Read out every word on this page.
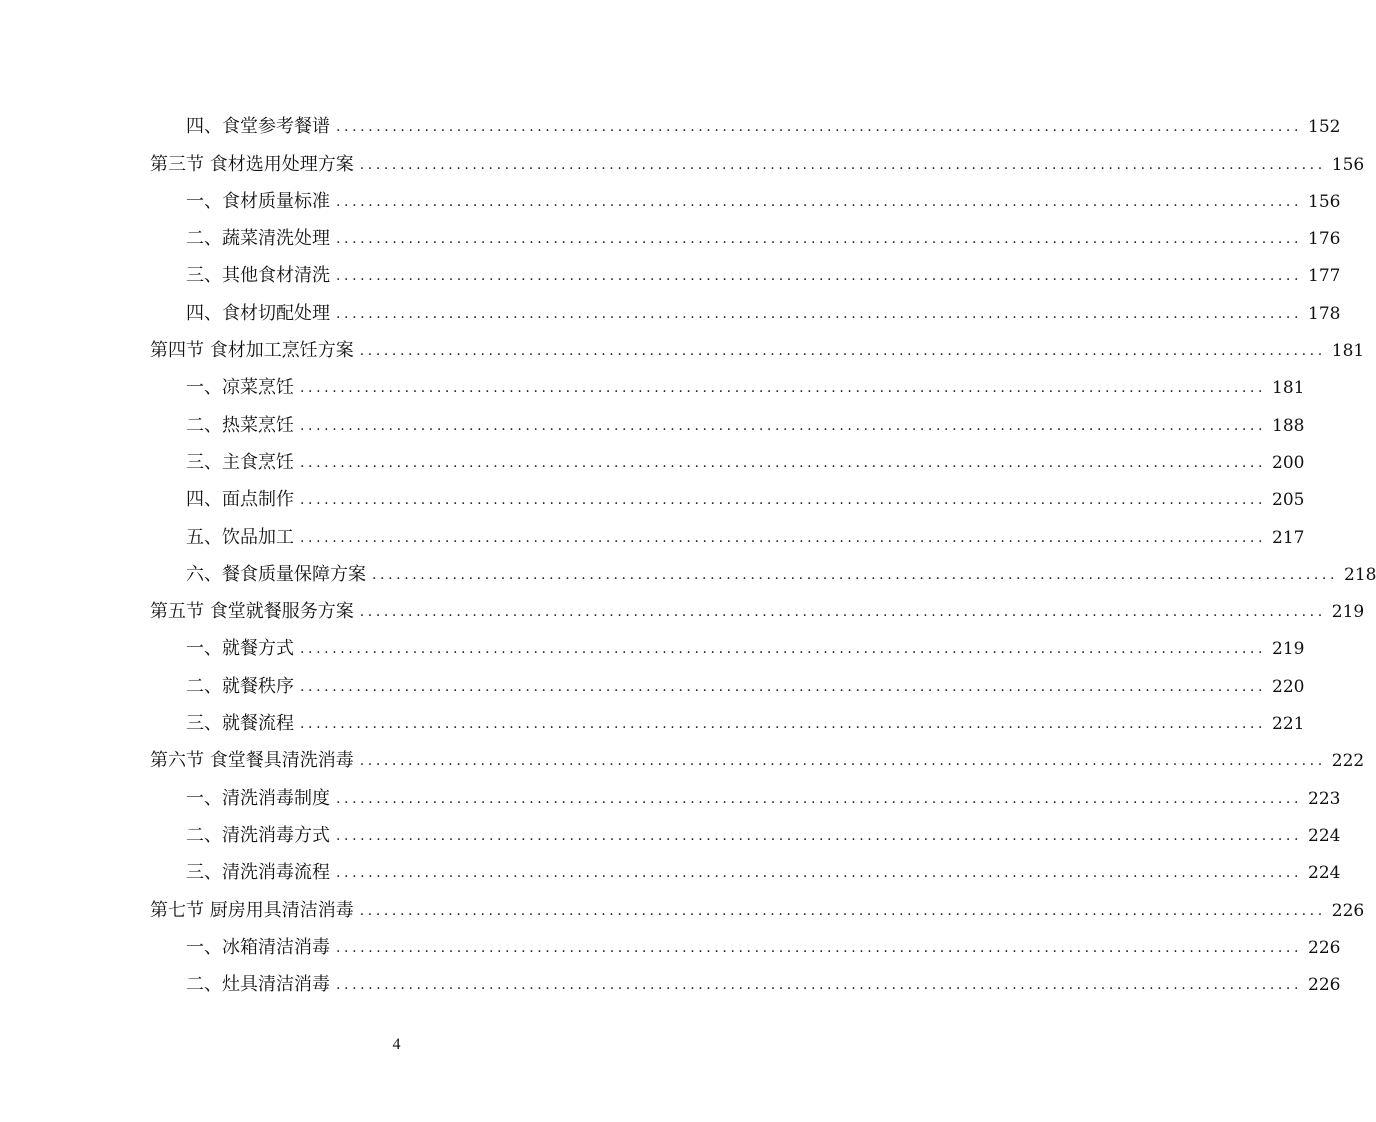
四、食堂参考餐谱 ........................................................................................................................ 152
第三节 食材选用处理方案 ........................................................................................................................ 156
一、食材质量标准 ........................................................................................................................ 156
二、蔬菜清洗处理 ........................................................................................................................ 176
三、其他食材清洗 ........................................................................................................................ 177
四、食材切配处理 ........................................................................................................................ 178
第四节 食材加工烹饪方案 ........................................................................................................................ 181
一、凉菜烹饪 ........................................................................................................................ 181
二、热菜烹饪 ........................................................................................................................ 188
三、主食烹饪 ........................................................................................................................ 200
四、面点制作 ........................................................................................................................ 205
五、饮品加工 ........................................................................................................................ 217
六、餐食质量保障方案 ........................................................................................................................ 218
第五节 食堂就餐服务方案 ........................................................................................................................ 219
一、就餐方式 ........................................................................................................................ 219
二、就餐秩序 ........................................................................................................................ 220
三、就餐流程 ........................................................................................................................ 221
第六节 食堂餐具清洗消毒 ........................................................................................................................ 222
一、清洗消毒制度 ........................................................................................................................ 223
二、清洗消毒方式 ........................................................................................................................ 224
三、清洗消毒流程 ........................................................................................................................ 224
第七节 厨房用具清洁消毒 ........................................................................................................................ 226
一、冰箱清洁消毒 ........................................................................................................................ 226
二、灶具清洁消毒 ........................................................................................................................ 226
4
